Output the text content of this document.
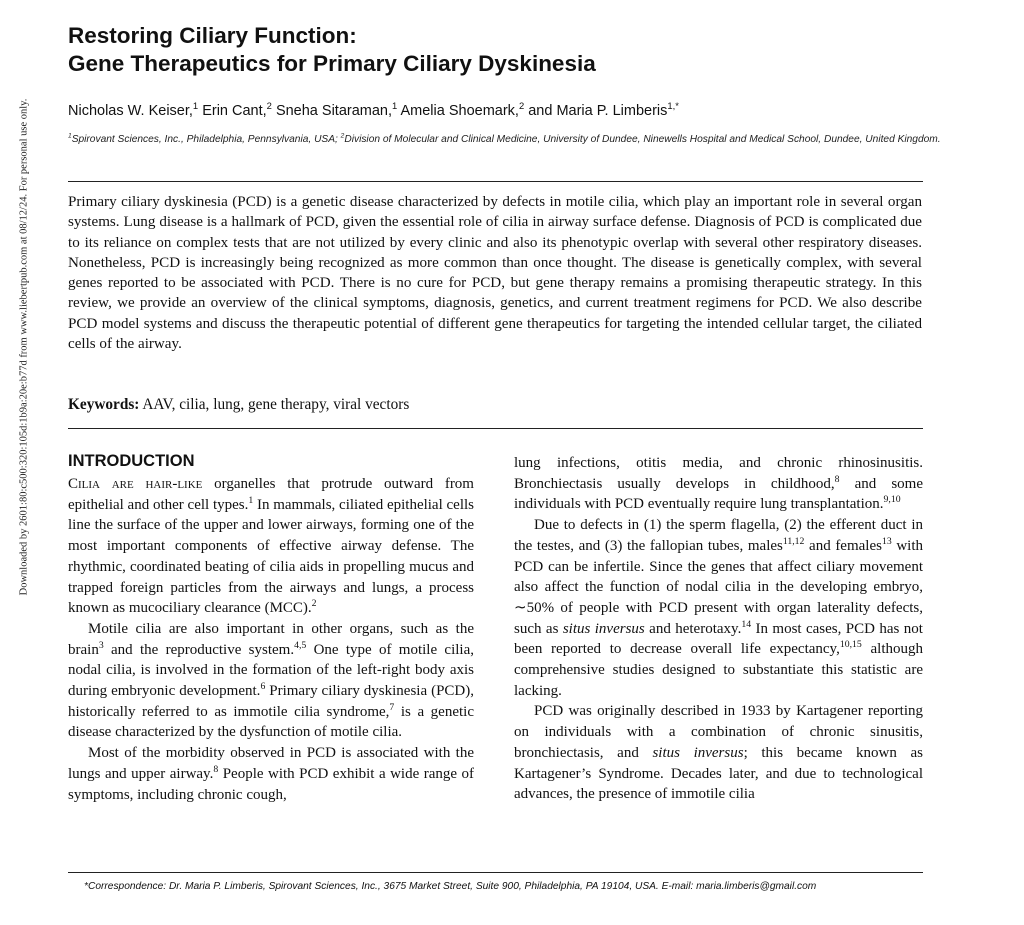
Downloaded by 2601:80:c500:320:105d:1b9a:20e:b77d from www.liebertpub.com at 08/12/24. For personal use only.
Restoring Ciliary Function:
Gene Therapeutics for Primary Ciliary Dyskinesia
Nicholas W. Keiser,$^1$ Erin Cant,$^2$ Sneha Sitaraman,$^1$ Amelia Shoemark,$^2$ and Maria P. Limberis$^{1,*}$
$^1$Spirovant Sciences, Inc., Philadelphia, Pennsylvania, USA; $^2$Division of Molecular and Clinical Medicine, University of Dundee, Ninewells Hospital and Medical School, Dundee, United Kingdom.
Primary ciliary dyskinesia (PCD) is a genetic disease characterized by defects in motile cilia, which play an important role in several organ systems. Lung disease is a hallmark of PCD, given the essential role of cilia in airway surface defense. Diagnosis of PCD is complicated due to its reliance on complex tests that are not utilized by every clinic and also its phenotypic overlap with several other respiratory diseases. Nonetheless, PCD is increasingly being recognized as more common than once thought. The disease is genetically complex, with several genes reported to be associated with PCD. There is no cure for PCD, but gene therapy remains a promising therapeutic strategy. In this review, we provide an overview of the clinical symptoms, diagnosis, genetics, and current treatment regimens for PCD. We also describe PCD model systems and discuss the therapeutic potential of different gene therapeutics for targeting the intended cellular target, the ciliated cells of the airway.
Keywords: AAV, cilia, lung, gene therapy, viral vectors
INTRODUCTION

Cilia are hair-like organelles that protrude outward from epithelial and other cell types.$^1$ In mammals, ciliated epithelial cells line the surface of the upper and lower airways, forming one of the most important components of effective airway defense. The rhythmic, coordinated beating of cilia aids in propelling mucus and trapped foreign particles from the airways and lungs, a process known as mucociliary clearance (MCC).$^2$

Motile cilia are also important in other organs, such as the brain$^3$ and the reproductive system.$^{4,5}$ One type of motile cilia, nodal cilia, is involved in the formation of the left-right body axis during embryonic development.$^6$ Primary ciliary dyskinesia (PCD), historically referred to as immotile cilia syndrome,$^7$ is a genetic disease characterized by the dysfunction of motile cilia.

Most of the morbidity observed in PCD is associated with the lungs and upper airway.$^8$ People with PCD exhibit a wide range of symptoms, including chronic cough,

lung infections, otitis media, and chronic rhinosinusitis. Bronchiectasis usually develops in childhood,$^8$ and some individuals with PCD eventually require lung transplantation.$^{9,10}$

Due to defects in (1) the sperm flagella, (2) the efferent duct in the testes, and (3) the fallopian tubes, males$^{11,12}$ and females$^{13}$ with PCD can be infertile. Since the genes that affect ciliary movement also affect the function of nodal cilia in the developing embryo, ∼50% of people with PCD present with organ laterality defects, such as situs inversus and heterotaxy.$^{14}$ In most cases, PCD has not been reported to decrease overall life expectancy,$^{10,15}$ although comprehensive studies designed to substantiate this statistic are lacking.

PCD was originally described in 1933 by Kartagener reporting on individuals with a combination of chronic sinusitis, bronchiectasis, and situs inversus; this became known as Kartagener’s Syndrome. Decades later, and due to technological advances, the presence of immotile cilia

*Correspondence: Dr. Maria P. Limberis, Spirovant Sciences, Inc., 3675 Market Street, Suite 900, Philadelphia, PA 19104, USA. E-mail: maria.limberis@gmail.com
